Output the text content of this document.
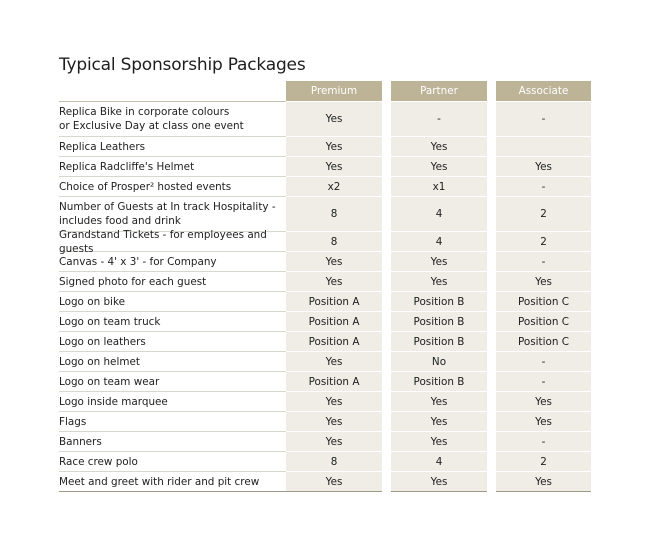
Typical Sponsorship Packages
Premium	Partner	Associate
Replica Bike in corporate colours
or Exclusive Day at class one event
Yes	-	-
Replica Leathers	Yes	Yes
Replica Radcliffe's Helmet	Yes	Yes	Yes
Choice of Prosper² hosted events	x2	x1	-
Number of Guests at In track Hospitality -
includes food and drink
8	4	2
Grandstand Tickets - for employees and guests
8	4	2
Canvas - 4' x 3' - for Company	Yes	Yes	-
Signed photo for each guest	Yes	Yes	Yes
Logo on bike	Position A	Position B	Position C
Logo on team truck	Position A	Position B	Position C
Logo on leathers	Position A	Position B	Position C
Logo on helmet	Yes	No	-
Logo on team wear	Position A	Position B	-
Logo inside marquee	Yes	Yes	Yes
Flags	Yes	Yes	Yes
Banners	Yes	Yes	-
Race crew polo	8	4	2
Meet and greet with rider and pit crew	Yes	Yes	Yes
